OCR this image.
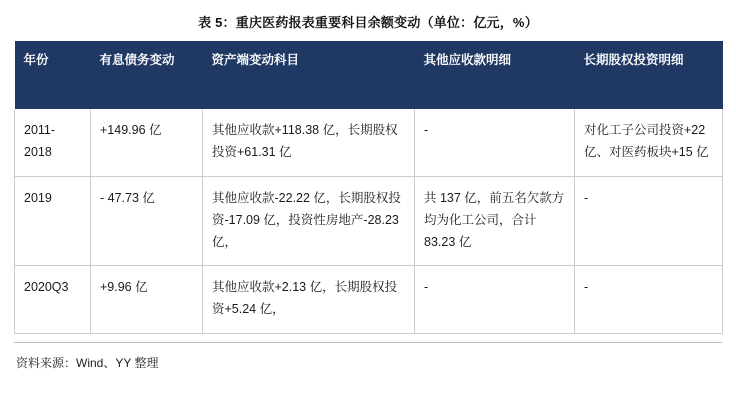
表 5：重庆医药报表重要科目余额变动（单位：亿元，%）
年份	有息债务变动	资产端变动科目	其他应收款明细	长期股权投资明细
2011-2018	+149.96 亿	其他应收款+118.38 亿，长期股权投资+61.31 亿	-	对化工子公司投资+22 亿、对医药板块+15 亿
2019	- 47.73 亿	其他应收款-22.22 亿，长期股权投资-17.09 亿，投资性房地产-28.23 亿，	共 137 亿，前五名欠款方均为化工公司，合计 83.23 亿	-
2020Q3	+9.96 亿	其他应收款+2.13 亿，长期股权投资+5.24 亿，	-	-
资料来源：Wind、YY 整理
